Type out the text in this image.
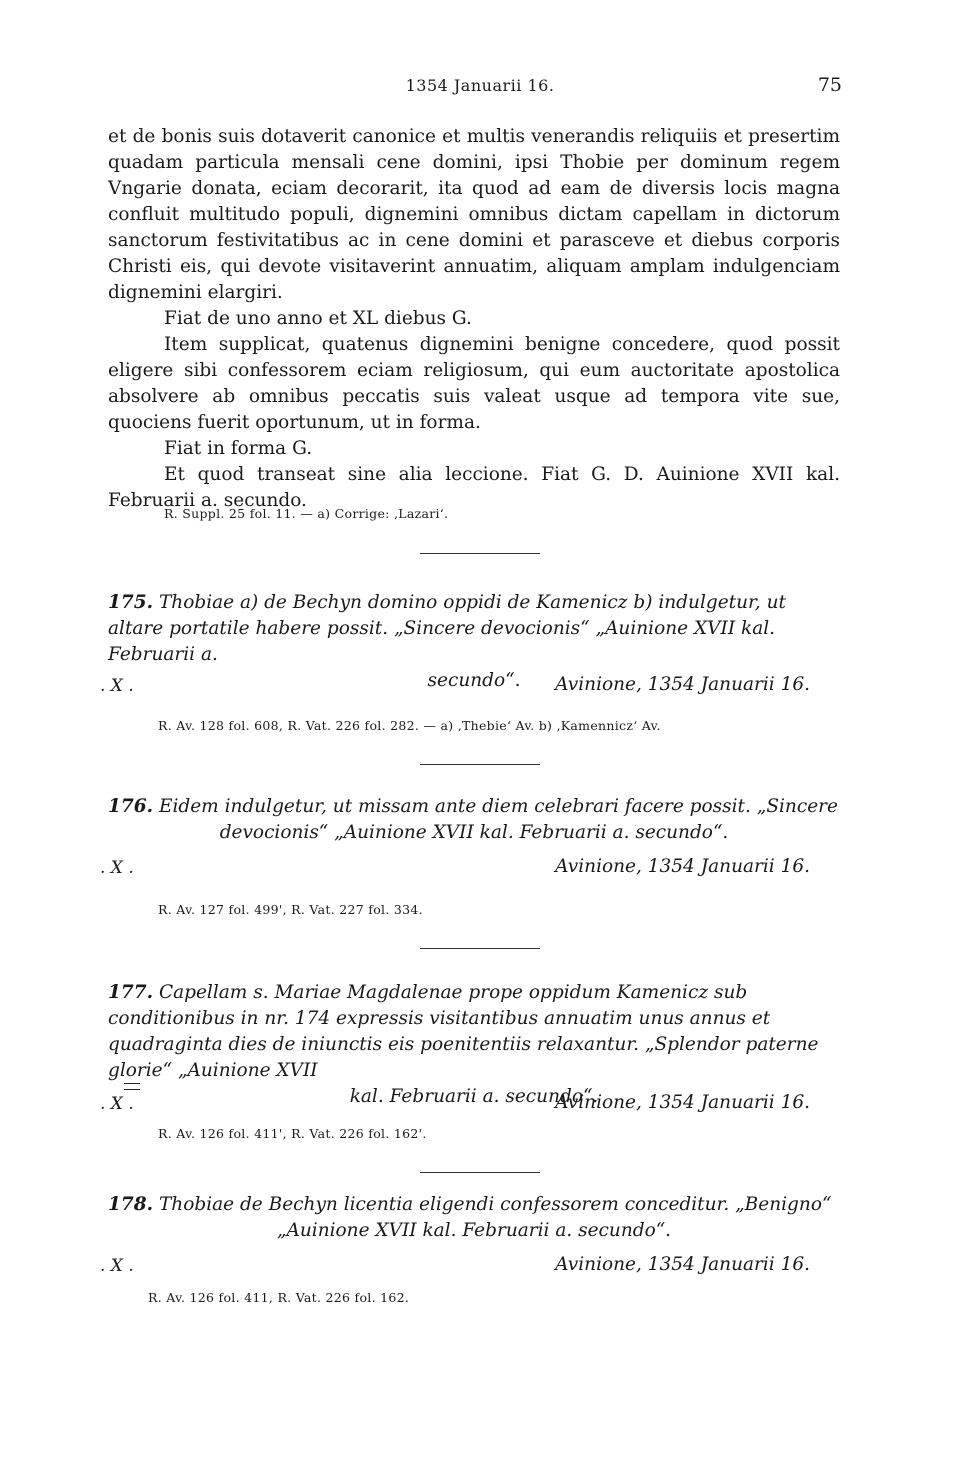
1354 Januarii 16.	75

et de bonis suis dotaverit canonice et multis venerandis reliquiis et presertim quadam particula mensali cene domini, ipsi Thobie per dominum regem Vngarie donata, eciam decorarit, ita quod ad eam de diversis locis magna confluit multitudo populi, dignemini omnibus dictam capellam in dictorum sanctorum festivitatibus ac in cene domini et parasceve et diebus corporis Christi eis, qui devote visitaverint annuatim, aliquam amplam indulgenciam dignemini elargiri.

Fiat de uno anno et XL diebus G.

Item supplicat, quatenus dignemini benigne concedere, quod possit eligere sibi confessorem eciam religiosum, qui eum auctoritate apostolica absolvere ab omnibus peccatis suis valeat usque ad tempora vite sue, quociens fuerit oportunum, ut in forma.

Fiat in forma G.

Et quod transeat sine alia leccione. Fiat G. D. Auinione XVII kal. Februarii a. secundo.

R. Suppl. 25 fol. 11. — a) Corrige: ‚Lazari‘.
175. Thobiae a) de Bechyn domino oppidi de Kamenicz b) indulgetur, ut altare portatile habere possit. „Sincere devocionis“ „Auinione XVII kal. Februarii a.
secundo“.
. X .	Avinione, 1354 Januarii 16.
R. Av. 128 fol. 608, R. Vat. 226 fol. 282. — a) ‚Thebie‘ Av. b) ‚Kamennicz‘ Av.
176. Eidem indulgetur, ut missam ante diem celebrari facere possit. „Sincere
devocionis“ „Auinione XVII kal. Februarii a. secundo“.
. X .	Avinione, 1354 Januarii 16.
R. Av. 127 fol. 499', R. Vat. 227 fol. 334.
177. Capellam s. Mariae Magdalenae prope oppidum Kamenicz sub conditionibus in nr. 174 expressis visitantibus annuatim unus annus et quadraginta dies de iniunctis eis poenitentiis relaxantur. „Splendor paterne glorie“ „Auinione XVII
kal. Februarii a. secundo“.
. X .	Avinione, 1354 Januarii 16.
R. Av. 126 fol. 411', R. Vat. 226 fol. 162'.
178. Thobiae de Bechyn licentia eligendi confessorem conceditur. „Benigno“
„Auinione XVII kal. Februarii a. secundo“.
. X .	Avinione, 1354 Januarii 16.
R. Av. 126 fol. 411, R. Vat. 226 fol. 162.
